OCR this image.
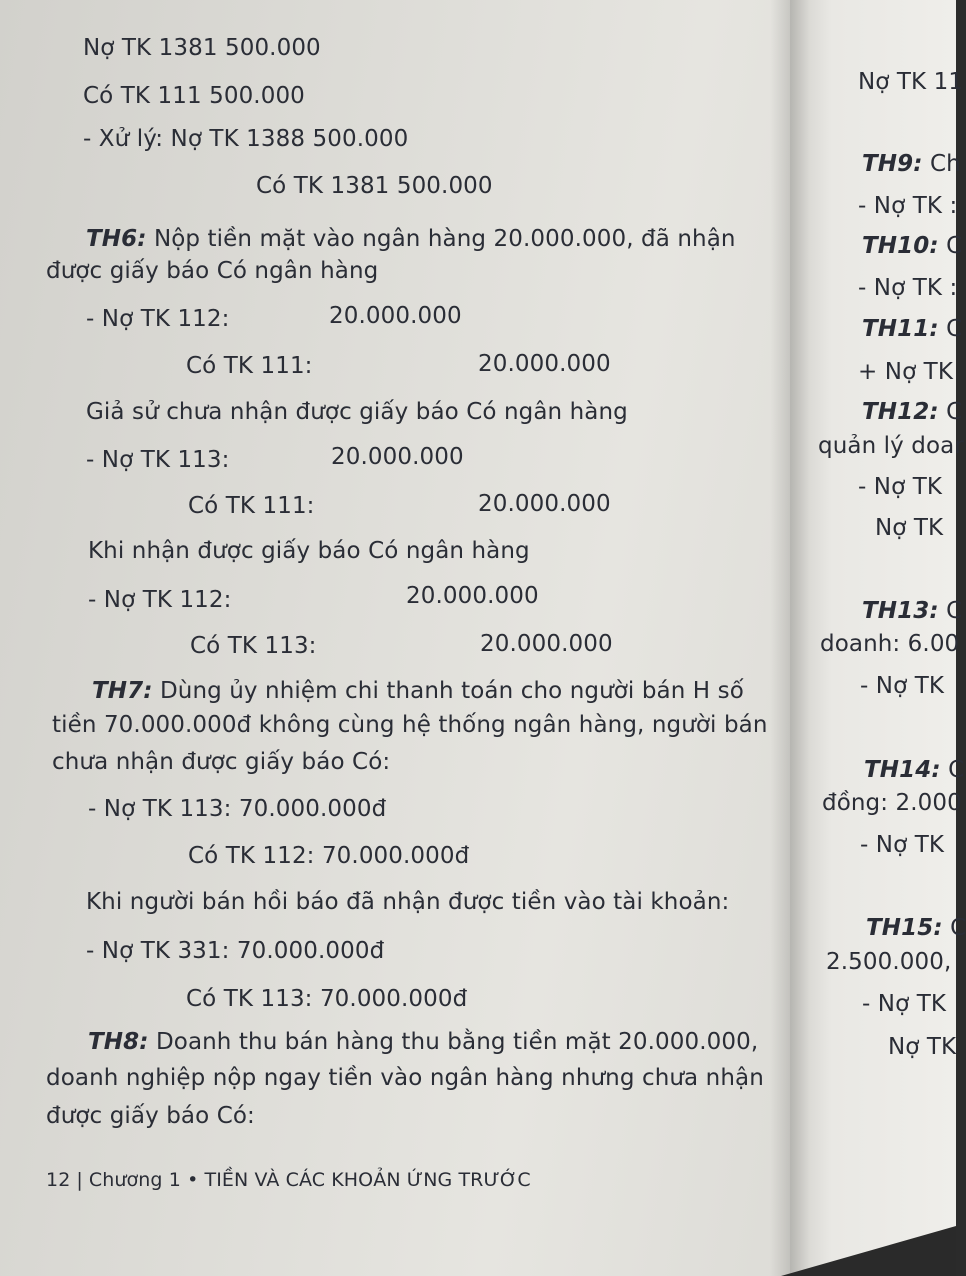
Nợ TK 1381 500.000
Có TK 111 500.000
- Xử lý: Nợ TK 1388 500.000
Có TK 1381 500.000
TH6: Nộp tiền mặt vào ngân hàng 20.000.000, đã nhận
được giấy báo Có ngân hàng
- Nợ TK 112:	20.000.000
Có TK 111:	20.000.000
Giả sử chưa nhận được giấy báo Có ngân hàng
- Nợ TK 113:	20.000.000
Có TK 111:	20.000.000
Khi nhận được giấy báo Có ngân hàng
- Nợ TK 112:	20.000.000
Có TK 113:	20.000.000
TH7: Dùng ủy nhiệm chi thanh toán cho người bán H số
tiền 70.000.000đ không cùng hệ thống ngân hàng, người bán
chưa nhận được giấy báo Có:
- Nợ TK 113: 70.000.000đ
Có TK 112: 70.000.000đ
Khi người bán hồi báo đã nhận được tiền vào tài khoản:
- Nợ TK 331: 70.000.000đ
Có TK 113: 70.000.000đ
TH8: Doanh thu bán hàng thu bằng tiền mặt 20.000.000,
doanh nghiệp nộp ngay tiền vào ngân hàng nhưng chưa nhận
được giấy báo Có:
12 | Chương 1 • TIỀN VÀ CÁC KHOẢN ỨNG TRƯỚC
Nợ TK 11
TH9: Ch
- Nợ TK :
TH10: C
- Nợ TK :
TH11: C
+ Nợ TK
TH12: C
quản lý doar
- Nợ TK
Nợ TK
TH13: C
doanh: 6.00
- Nợ TK
TH14: C
đồng: 2.000
- Nợ TK
TH15: C
2.500.000,
- Nợ TK
Nợ TK
